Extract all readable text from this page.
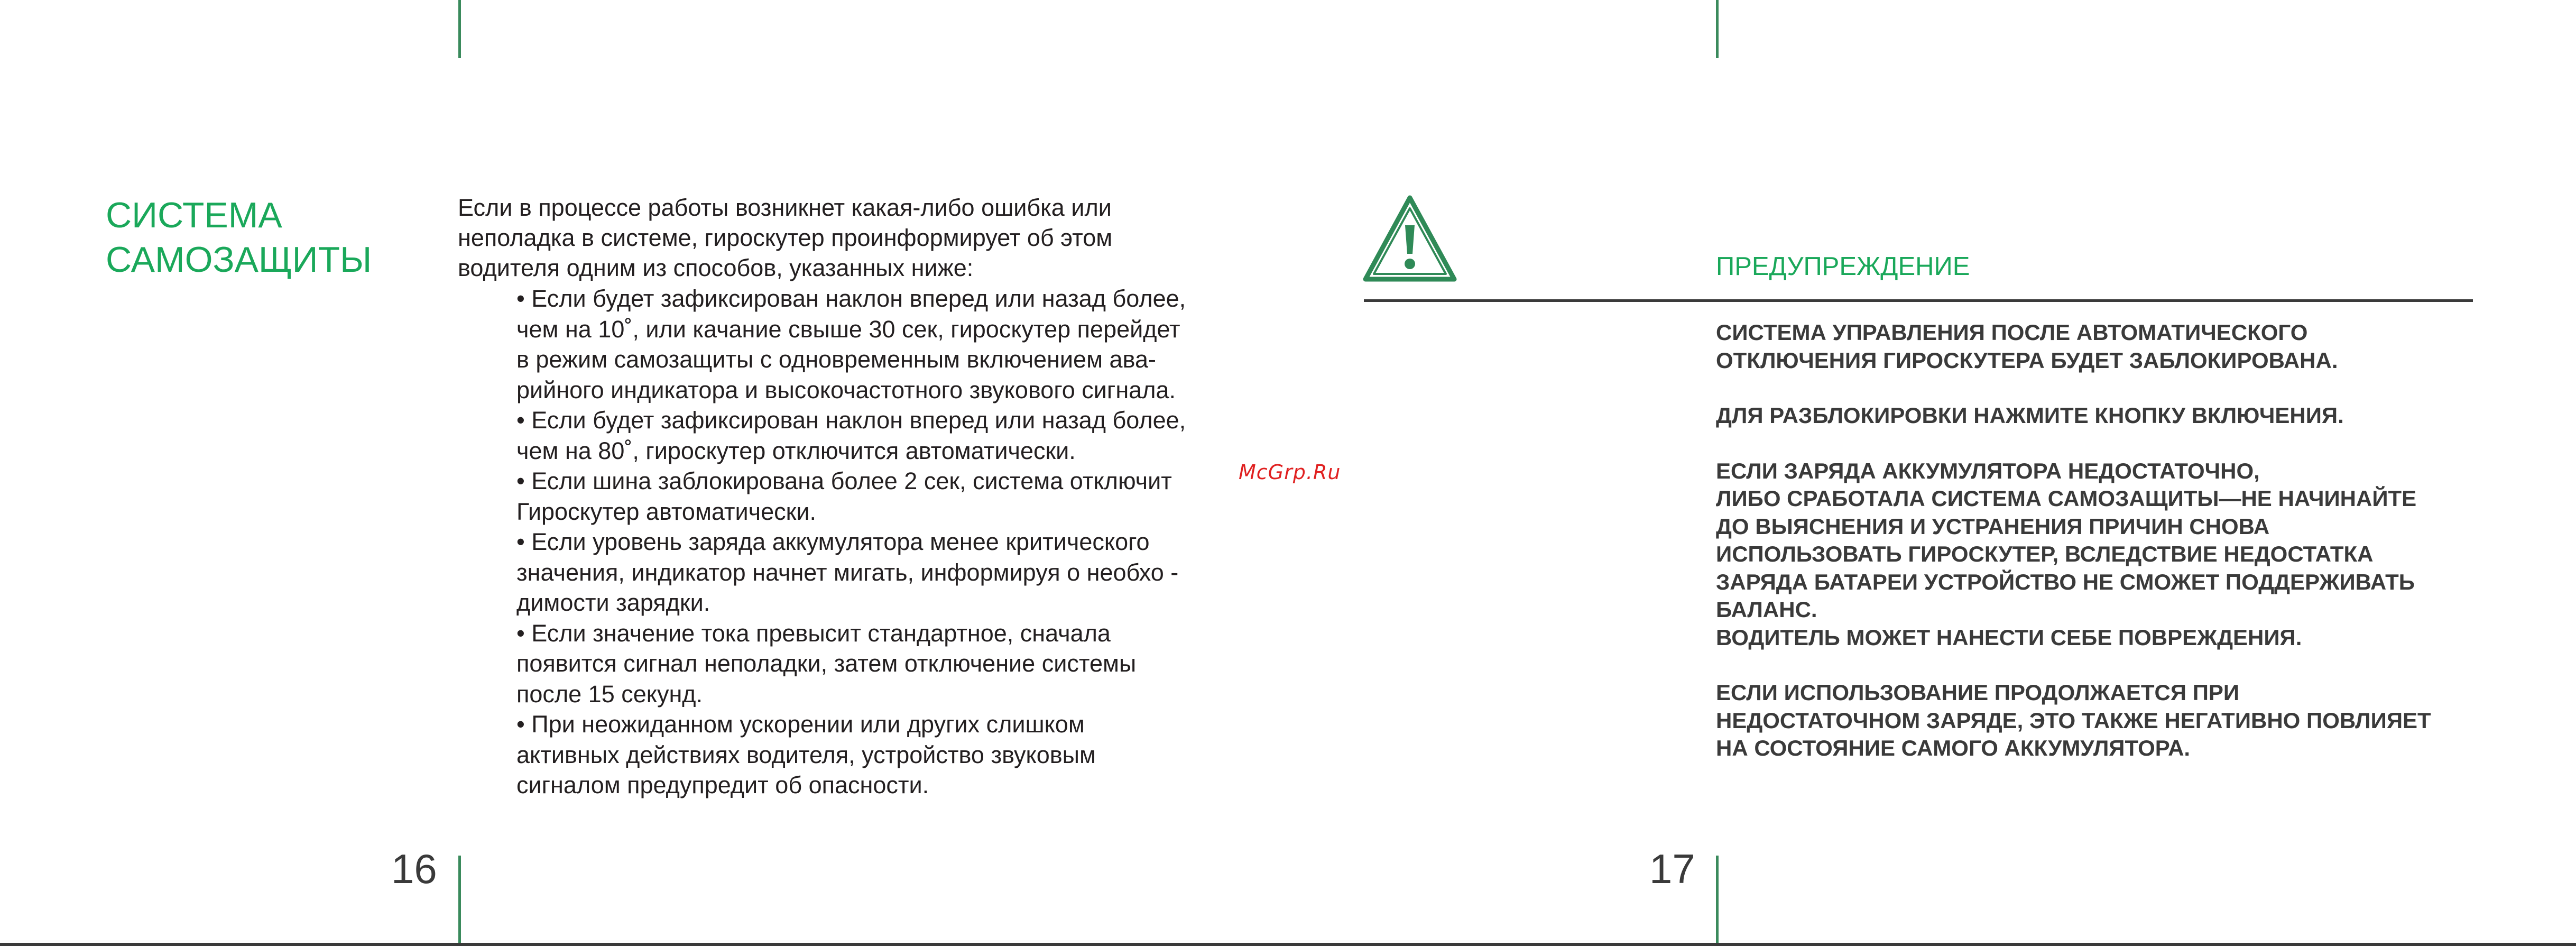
СИСТЕМА
САМОЗАЩИТЫ

Если в процессе работы возникнет какая-либо ошибка или
неполадка в системе, гироскутер проинформирует об этом
водителя одним из способов, указанных ниже:

• Если будет зафиксирован наклон вперед или назад более,
чем на 10˚, или качание свыше 30 сек, гироскутер перейдет
в режим самозащиты с одновременным включением ава-
рийного индикатора и высокочастотного звукового сигнала.
• Если будет зафиксирован наклон вперед или назад более,
чем на 80˚, гироскутер отключится автоматически.
• Если шина заблокирована более 2 сек, система отключит
Гироскутер автоматически.
• Если уровень заряда аккумулятора менее критического
значения, индикатор начнет мигать, информируя о необхо -
димости зарядки.
• Если значение тока превысит стандартное, сначала
появится сигнал неполадки, затем отключение системы
после 15 секунд.
• При неожиданном ускорении или других слишком
активных действиях водителя, устройство звуковым
сигналом предупредит об опасности.
McGrp.Ru
16
ПРЕДУПРЕЖДЕНИЕ

СИСТЕМА УПРАВЛЕНИЯ ПОСЛЕ АВТОМАТИЧЕСКОГО
ОТКЛЮЧЕНИЯ ГИРОСКУТЕРА БУДЕТ ЗАБЛОКИРОВАНА.

ДЛЯ РАЗБЛОКИРОВКИ НАЖМИТЕ КНОПКУ ВКЛЮЧЕНИЯ.

ЕСЛИ ЗАРЯДА АККУМУЛЯТОРА НЕДОСТАТОЧНО,
ЛИБО СРАБОТАЛА СИСТЕМА САМОЗАЩИТЫ—НЕ НАЧИНАЙТЕ
ДО ВЫЯСНЕНИЯ И УСТРАНЕНИЯ ПРИЧИН СНОВА
ИСПОЛЬЗОВАТЬ ГИРОСКУТЕР, ВСЛЕДСТВИЕ НЕДОСТАТКА
ЗАРЯДА БАТАРЕИ УСТРОЙСТВО НЕ СМОЖЕТ ПОДДЕРЖИВАТЬ
БАЛАНС.
ВОДИТЕЛЬ МОЖЕТ НАНЕСТИ СЕБЕ ПОВРЕЖДЕНИЯ.

ЕСЛИ ИСПОЛЬЗОВАНИЕ ПРОДОЛЖАЕТСЯ ПРИ
НЕДОСТАТОЧНОМ ЗАРЯДЕ, ЭТО ТАКЖЕ НЕГАТИВНО ПОВЛИЯЕТ
НА СОСТОЯНИЕ САМОГО АККУМУЛЯТОРА.

17
